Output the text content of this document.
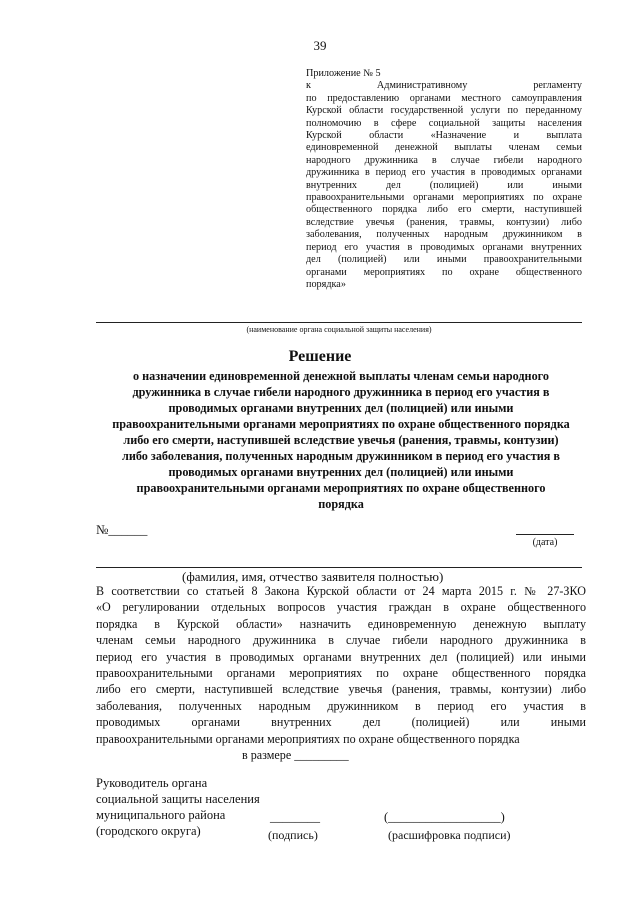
39
Приложение № 5
к Административному регламенту
по предоставлению органами местного самоуправления
Курской области государственной услуги по переданному
полномочию в сфере социальной защиты населения
Курской области «Назначение и выплата
единовременной денежной выплаты членам семьи
народного дружинника в случае гибели народного
дружинника в период его участия в проводимых органами
внутренних дел (полицией) или иными
правоохранительными органами мероприятиях по охране
общественного порядка либо его смерти, наступившей
вследствие увечья (ранения, травмы, контузии) либо
заболевания, полученных народным дружинником в
период его участия в проводимых органами внутренних
дел (полицией) или иными правоохранительными
органами мероприятиях по охране общественного
порядка»
(наименование органа социальной защиты населения)
Решение
о назначении единовременной денежной выплаты членам семьи народного
дружинника в случае гибели народного дружинника в период его участия в
проводимых органами внутренних дел (полицией) или иными
правоохранительными органами мероприятиях по охране общественного порядка
либо его смерти, наступившей вследствие увечья (ранения, травмы, контузии)
либо заболевания, полученных народным дружинником в период его участия в
проводимых органами внутренних дел (полицией) или иными
правоохранительными органами мероприятиях по охране общественного
порядка
№______
(дата)
(фамилия, имя, отчество заявителя полностью)
В соответствии со статьей 8 Закона Курской области от 24 марта 2015 г. № 27-ЗКО
«О регулировании отдельных вопросов участия граждан в охране общественного
порядка в Курской области» назначить единовременную денежную выплату
членам семьи народного дружинника в случае гибели народного дружинника в
период его участия в проводимых органами внутренних дел (полицией) или иными
правоохранительными органами мероприятиях по охране общественного порядка
либо его смерти, наступившей вследствие увечья (ранения, травмы, контузии) либо
заболевания, полученных народным дружинником в период его участия в
проводимых органами внутренних дел (полицией) или иными
правоохранительными органами мероприятиях по охране общественного порядка
в размере _________
Руководитель органа
социальной защиты населения
муниципального района
(городского округа)
________	(__________________)
(подпись)	(расшифровка подписи)
